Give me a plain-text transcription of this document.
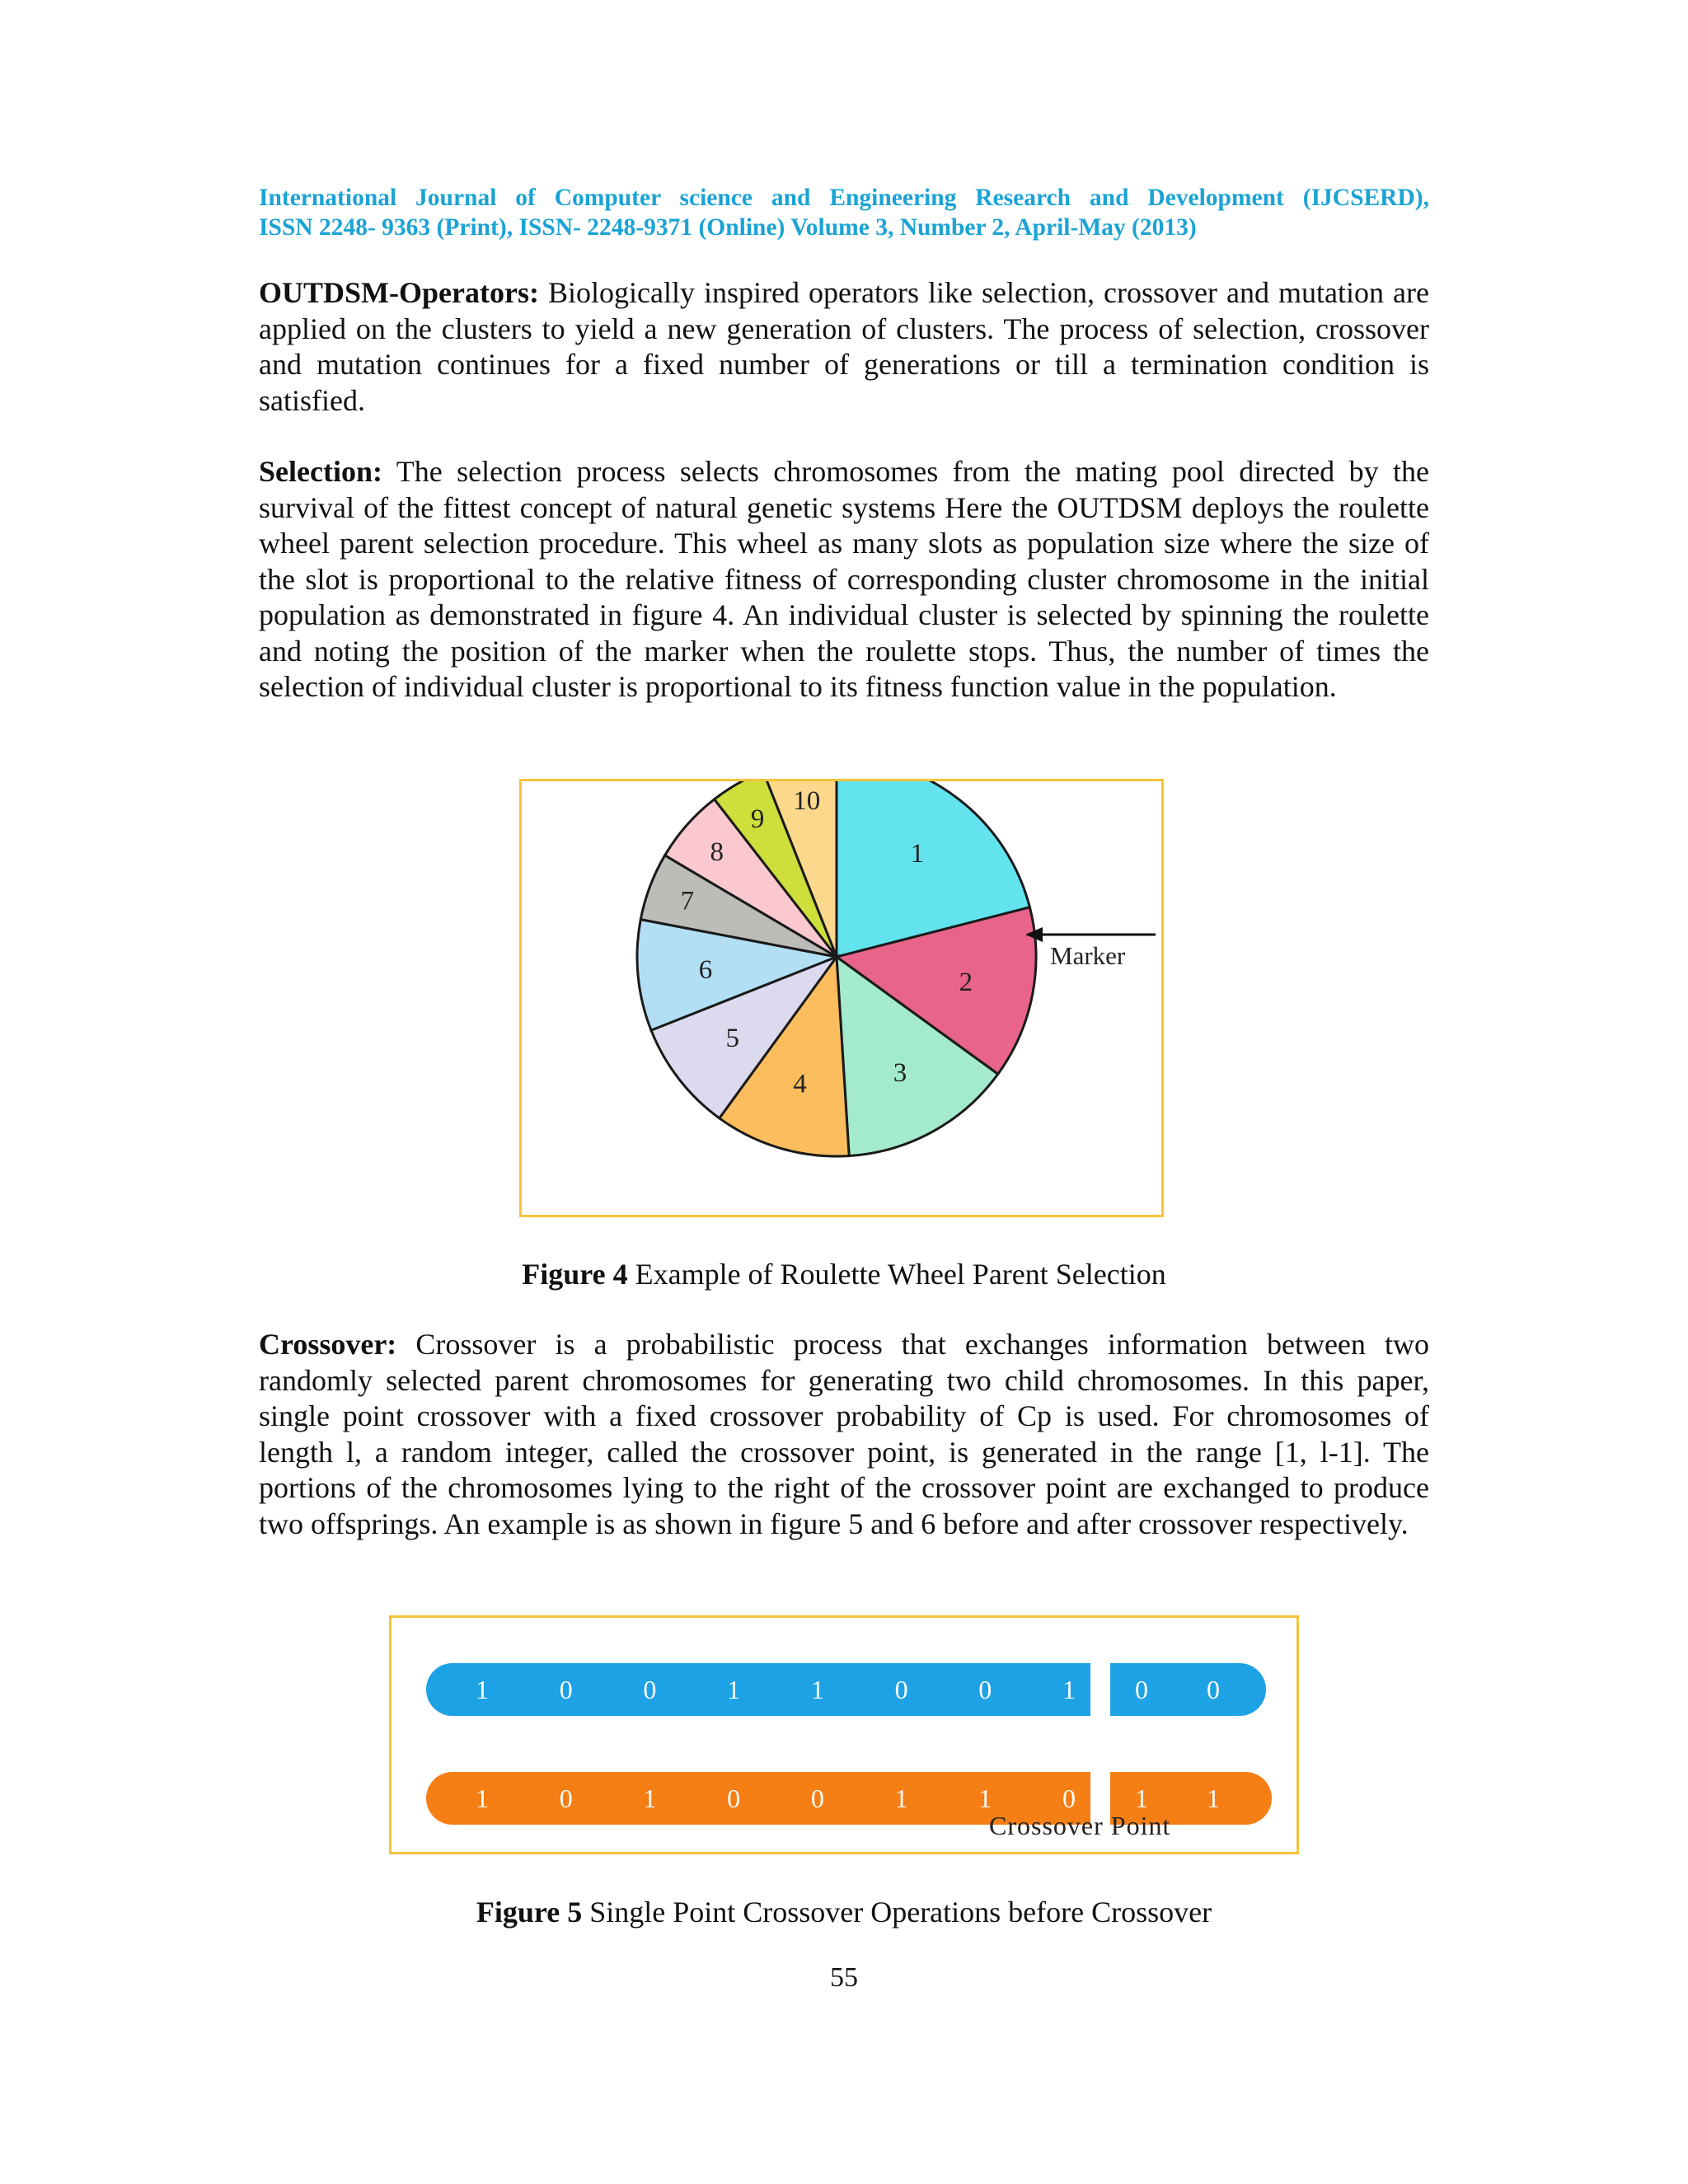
International Journal of Computer science and Engineering Research and Development (IJCSERD),
ISSN 2248- 9363 (Print), ISSN- 2248-9371 (Online) Volume 3, Number 2, April-May (2013)
OUTDSM-Operators: Biologically inspired operators like selection, crossover and mutation are applied on the clusters to yield a new generation of clusters. The process of selection, crossover and mutation continues for a fixed number of generations or till a termination condition is satisfied.
Selection: The selection process selects chromosomes from the mating pool directed by the survival of the fittest concept of natural genetic systems Here the OUTDSM deploys the roulette wheel parent selection procedure. This wheel as many slots as population size where the size of the slot is proportional to the relative fitness of corresponding cluster chromosome in the initial population as demonstrated in figure 4. An individual cluster is selected by spinning the roulette and noting the position of the marker when the roulette stops. Thus, the number of times the selection of individual cluster is proportional to its fitness function value in the population.
1
2
3
4
5
6
7
8
9
10
Marker
Figure 4 Example of Roulette Wheel Parent Selection
Crossover: Crossover is a probabilistic process that exchanges information between two randomly selected parent chromosomes for generating two child chromosomes. In this paper, single point crossover with a fixed crossover probability of Cp is used. For chromosomes of length l, a random integer, called the crossover point, is generated in the range [1, l-1]. The portions of the chromosomes lying to the right of the crossover point are exchanged to produce two offsprings. An example is as shown in figure 5 and 6 before and after crossover respectively.
1	0	0	1	1	0	0	1 0 0
1	0	1	0	0	1	1	0 1 1
Crossover Point
Figure 5 Single Point Crossover Operations before Crossover
55
